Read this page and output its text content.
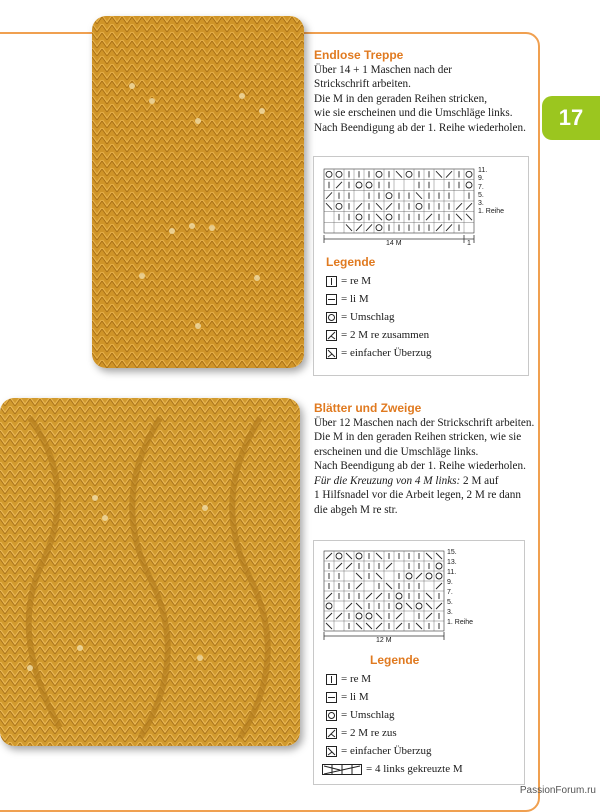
17

Endlose Treppe

Über 14 + 1 Maschen nach der

Strickschrift arbeiten.

Die M in den geraden Reihen stricken,

wie sie erscheinen und die Umschläge links.

Nach Beendigung ab der 1. Reihe wiederholen.

11.
9.
7.
5.
3.
1. Reihe
14 M	1
Legende
= re M
= li M
= Umschlag
= 2 M re zusammen
= einfacher Überzug

Blätter und Zweige

Über 12 Maschen nach der Strickschrift arbeiten.

Die M in den geraden Reihen stricken, wie sie

erscheinen und die Umschläge links.

Nach Beendigung ab der 1. Reihe wiederholen.

Für die Kreuzung von 4 M links: 2 M auf

1 Hilfsnadel vor die Arbeit legen, 2 M re dann

die abgeh M re str.

15.
13.
11.
9.
7.
5.
3.
1. Reihe
12 M
Legende
= re M
= li M
= Umschlag
= 2 M re zus
= einfacher Überzug
= 4 links gekreuzte M
PassionForum.ru
